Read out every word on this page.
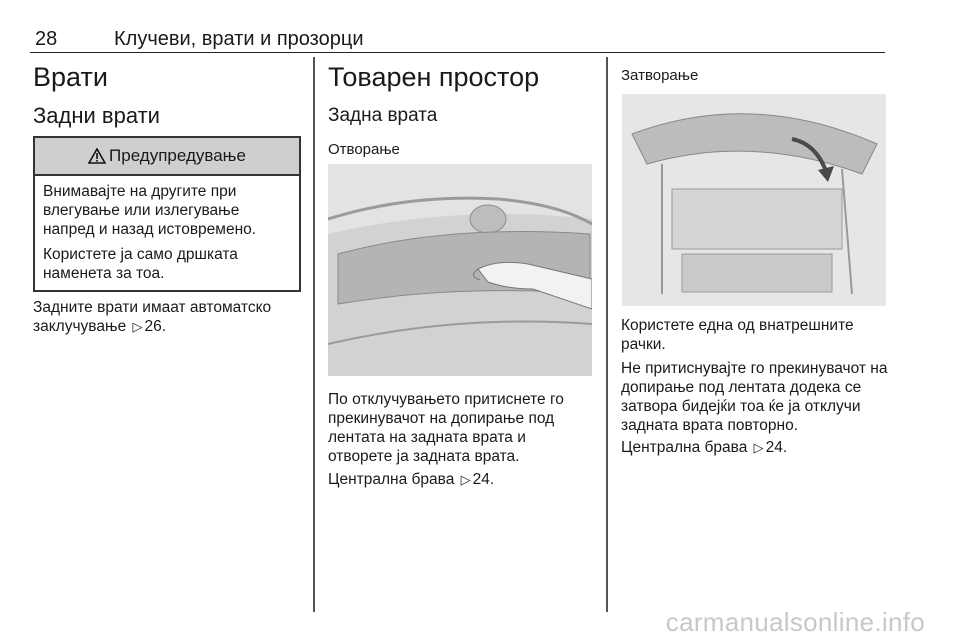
28	Клучеви, врати и прозорци
Врати
Задни врати
Предупредување

Внимавајте на другите при влегување или излегување напред и назад истовремено.

Користете ја само дршката наменета за тоа.

Задните врати имаат автоматско заклучување ▷ 26.

Товарен простор
Задна врата
Отворање

По отклучувањето притиснете го прекинувачот на допирање под лентата на задната врата и отворете ја задната врата.

Централна брава ▷ 24.

Затворање

Користете една од внатрешните рачки.

Не притиснувајте го прекинувачот на допирање под лентата додека се затвора бидејќи тоа ќе ја отклучи задната врата повторно.

Централна брава ▷ 24.

carmanualsonline.info
